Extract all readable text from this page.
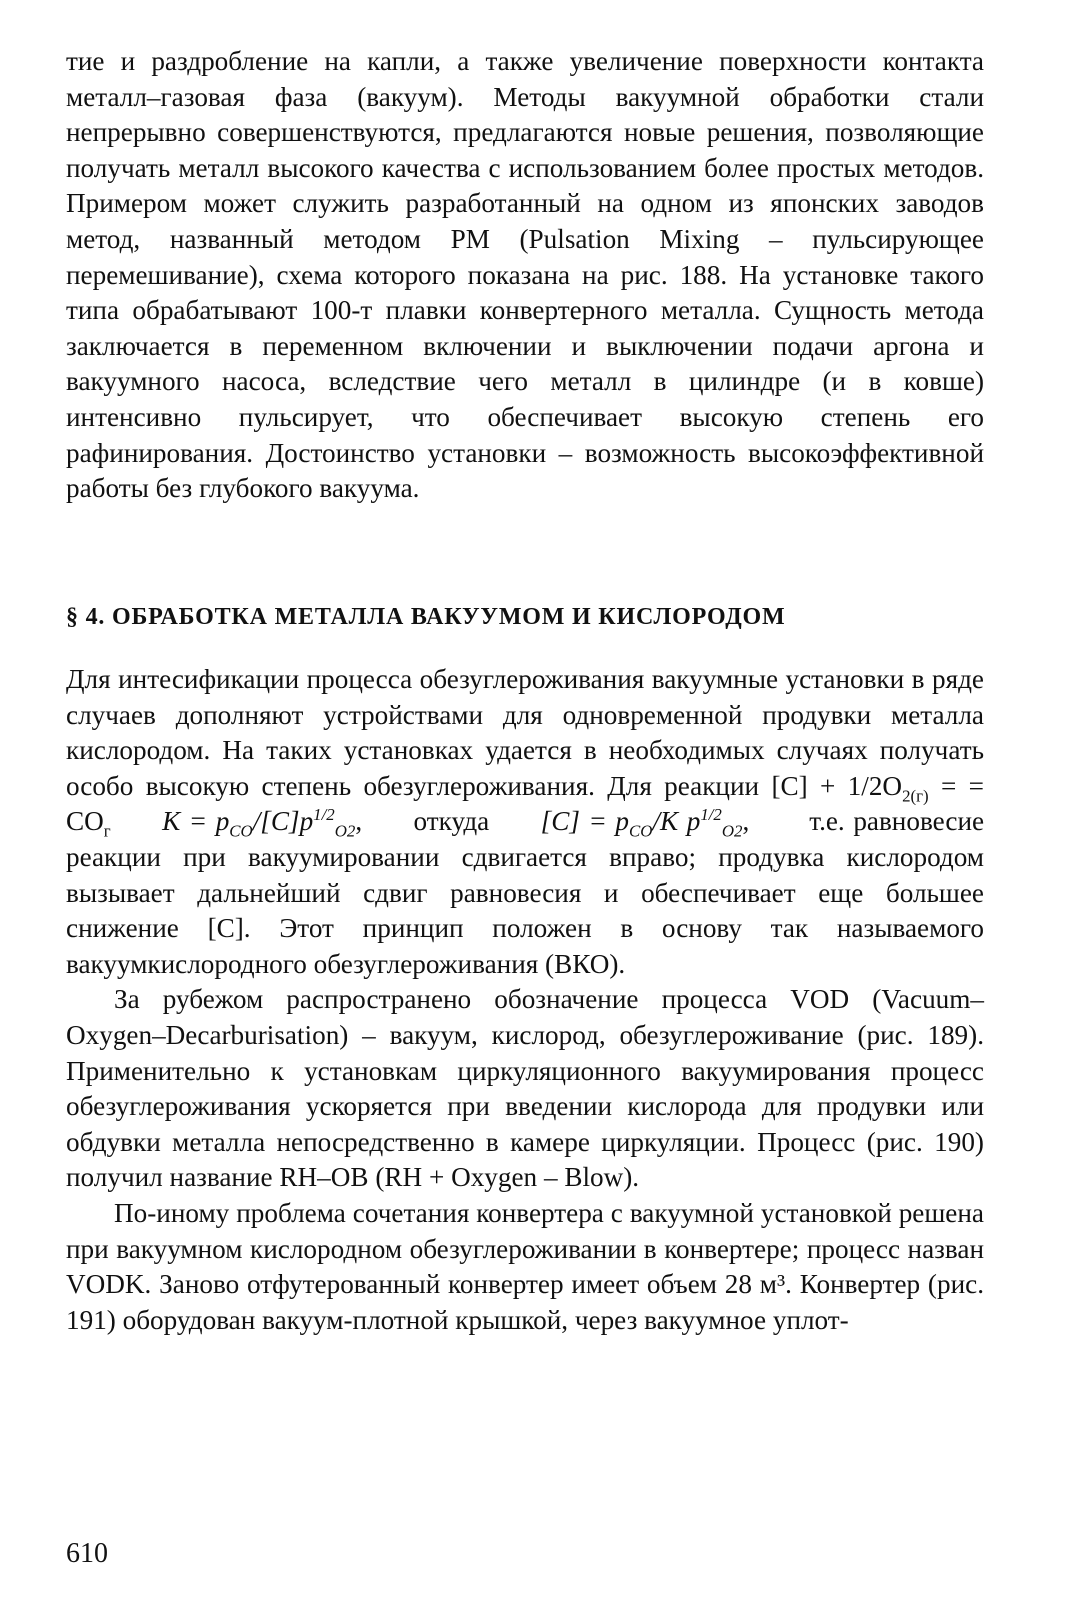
тие и раздробление на капли, а также увеличение поверхности контакта металл–газовая фаза (вакуум). Методы вакуумной обработки стали непрерывно совершенствуются, предлагаются новые решения, позволяющие получать металл высокого качества с использованием более простых методов. Примером может служить разработанный на одном из японских заводов метод, названный методом PM (Pulsation Mixing – пульсирующее перемешивание), схема которого показана на рис. 188. На установке такого типа обрабатывают 100-т плавки конвертерного металла. Сущность метода заключается в переменном включении и выключении подачи аргона и вакуумного насоса, вследствие чего металл в цилиндре (и в ковше) интенсивно пульсирует, что обеспечивает высокую степень его рафинирования. Достоинство установки – возможность высокоэффективной работы без глубокого вакуума.

§ 4. ОБРАБОТКА МЕТАЛЛА ВАКУУМОМ И КИСЛОРОДОМ

Для интесификации процесса обезуглероживания вакуумные установки в ряде случаев дополняют устройствами для одновременной продувки металла кислородом. На таких установках удается в необходимых случаях получать особо высокую степень обезуглероживания. Для реакции $[C] + 1/2O_{2(г)}$ = = $CO_г$ $K = p_{CO}/[C]p^{1/2}_{O2}$, откуда $[C] = p_{CO}/K$ $p^{1/2}_{O2}$, т.е. равновесие реакции при вакуумировании сдвигается вправо; продувка кислородом вызывает дальнейший сдвиг равновесия и обеспечивает еще большее снижение [C]. Этот принцип положен в основу так называемого вакуумкислородного обезуглероживания (ВКО).

За рубежом распространено обозначение процесса VOD (Vacuum–Oxygen–Decarburisation) – вакуум, кислород, обезуглероживание (рис. 189). Применительно к установкам циркуляционного вакуумирования процесс обезуглероживания ускоряется при введении кислорода для продувки или обдувки металла непосредственно в камере циркуляции. Процесс (рис. 190) получил название RH–OB (RH + Oxygen – Blow).

По-иному проблема сочетания конвертера с вакуумной установкой решена при вакуумном кислородном обезуглероживании в конвертере; процесс назван VODK. Заново отфутерованный конвертер имеет объем 28 м³. Конвертер (рис. 191) оборудован вакуум-плотной крышкой, через вакуумное уплот-

610
